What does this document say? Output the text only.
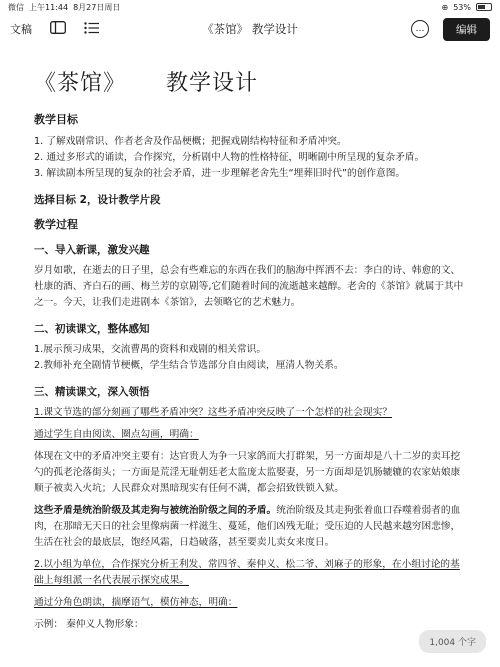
微信 上午11:44 8月27日周日	⊕ 53%
文稿	《茶馆》 教学设计	…	编辑
《茶馆》     教学设计
教学目标
1. 了解戏剧常识、作者老舍及作品梗概；把握戏剧结构特征和矛盾冲突。
2. 通过多形式的诵读，合作探究，分析剧中人物的性格特征，明晰剧中所呈现的复杂矛盾。
3. 解读剧本所呈现的复杂的社会矛盾，进一步理解老舍先生“埋葬旧时代”的创作意图。
选择目标 2，设计教学片段
教学过程
一、导入新课，激发兴趣
岁月如歌，在逝去的日子里，总会有些难忘的东西在我们的脑海中挥洒不去：李白的诗、韩愈的文、杜康的酒、齐白石的画、梅兰芳的京剧等,它们随着时间的流逝越来越醇。老舍的《茶馆》就属于其中之一。今天，让我们走进剧本《茶馆》，去领略它的艺术魅力。
二、初读课文，整体感知
1.展示预习成果，交流曹禺的资料和戏剧的相关常识。
2.教师补充全剧情节梗概，学生结合节选部分自由阅读，厘清人物关系。
三、精读课文，深入领悟
1.课文节选的部分刻画了哪些矛盾冲突？这些矛盾冲突反映了一个怎样的社会现实？
通过学生自由阅读、圈点勾画，明确：
体现在文中的矛盾冲突主要有：达官贵人为争一只家鸽而大打群架，另一方面却是八十二岁的卖耳挖勺的孤老沦落街头；一方面是荒淫无耻朝廷老太监庞太监娶妻，另一方面却是饥肠辘辘的农家姑娘康顺子被卖入火坑；人民群众对黑暗现实有任何不满，都会招致铁锁入狱。
这些矛盾是统治阶级及其走狗与被统治阶级之间的矛盾。统治阶级及其走狗张着血口吞噬着弱者的血肉，在那暗无天日的社会里像病菌一样滋生、蔓延，他们凶残无耻；受压迫的人民越来越穷困悲惨，生活在社会的最底层，饱经风霜，日趋破落，甚至要卖儿卖女来度日。
2.以小组为单位，合作探究分析王利发、常四爷、秦仲义、松二爷、刘麻子的形象，在小组讨论的基础上每组派一名代表展示探究成果。
通过分角色朗读，揣摩语气，模仿神态，明确：
示例： 秦仲义人物形象：
1,004 个字
